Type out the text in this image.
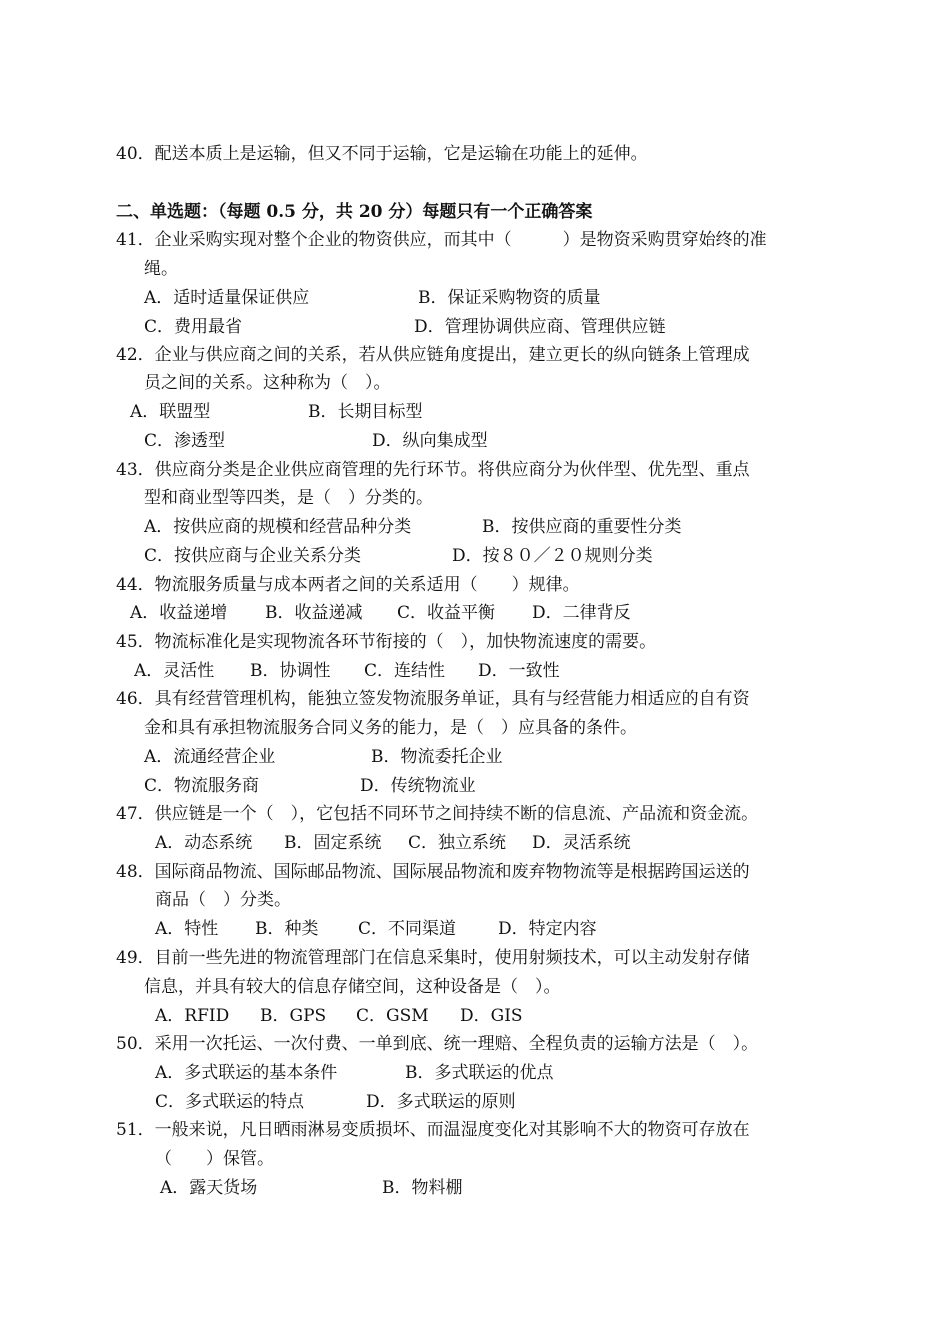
40．配送本质上是运输，但又不同于运输，它是运输在功能上的延伸。
二、单选题：（每题 0.5 分，共 20 分）每题只有一个正确答案
41．企业采购实现对整个企业的物资供应，而其中（　　　）是物资采购贯穿始终的准
绳。
A．适时适量保证供应	B．保证采购物资的质量
C．费用最省	D．管理协调供应商、管理供应链
42．企业与供应商之间的关系，若从供应链角度提出，建立更长的纵向链条上管理成
员之间的关系。这种称为（　）。
A．联盟型	B．长期目标型
C．渗透型	D．纵向集成型
43．供应商分类是企业供应商管理的先行环节。将供应商分为伙伴型、优先型、重点
型和商业型等四类，是（　）分类的。
A．按供应商的规模和经营品种分类	B．按供应商的重要性分类
C．按供应商与企业关系分类	D．按８０／２０规则分类
44．物流服务质量与成本两者之间的关系适用（　　）规律。
A．收益递增 B．收益递减 C．收益平衡 D．二律背反
45．物流标准化是实现物流各环节衔接的（　），加快物流速度的需要。
A．灵活性 B．协调性 C．连结性 D．一致性
46．具有经营管理机构，能独立签发物流服务单证，具有与经营能力相适应的自有资
金和具有承担物流服务合同义务的能力，是（　）应具备的条件。
A．流通经营企业	B．物流委托企业
C．物流服务商	D．传统物流业
47．供应链是一个（　），它包括不同环节之间持续不断的信息流、产品流和资金流。
A．动态系统 B．固定系统 C．独立系统 D．灵活系统
48．国际商品物流、国际邮品物流、国际展品物流和废弃物物流等是根据跨国运送的
商品（　）分类。
A．特性 B．种类 C．不同渠道 D．特定内容
49．目前一些先进的物流管理部门在信息采集时，使用射频技术，可以主动发射存储
信息，并具有较大的信息存储空间，这种设备是（　）。
A．RFID B．GPS C．GSM D．GIS
50．采用一次托运、一次付费、一单到底、统一理赔、全程负责的运输方法是（　）。
A．多式联运的基本条件	B．多式联运的优点
C．多式联运的特点	D．多式联运的原则
51．一般来说，凡日晒雨淋易变质损坏、而温湿度变化对其影响不大的物资可存放在
（　　）保管。
A．露天货场	B．物料棚
